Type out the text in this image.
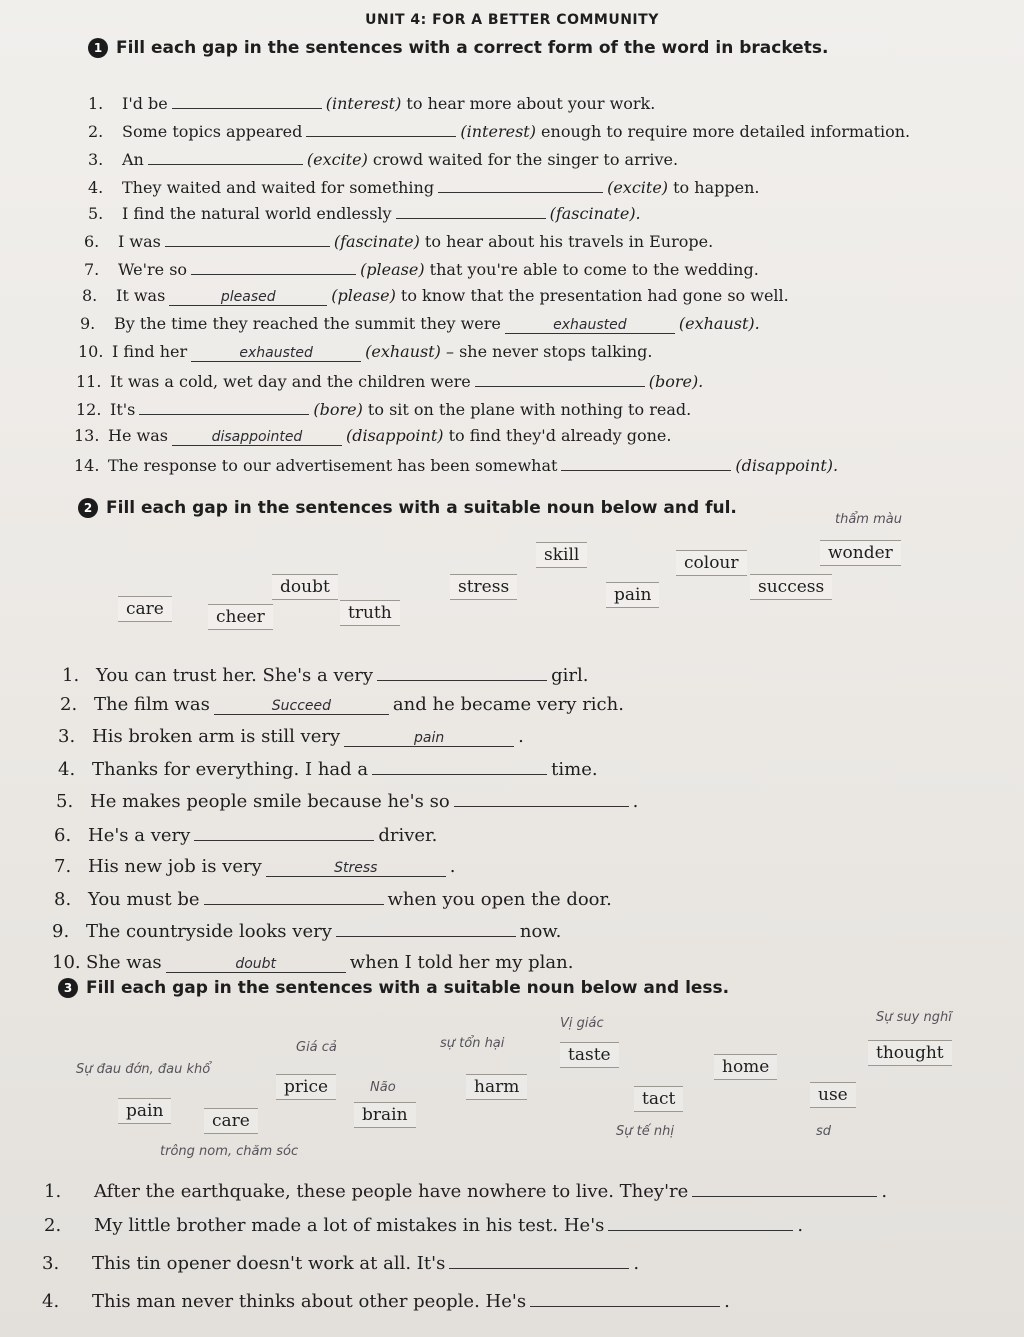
UNIT 4: FOR A BETTER COMMUNITY
1 Fill each gap in the sentences with a correct form of the word in brackets.
1.	I'd be	(interest) to hear more about your work.
2.	Some topics appeared	(interest) enough to require more detailed information.
3.	An	(excite) crowd waited for the singer to arrive.
4.	They waited and waited for something	(excite) to happen.
5.	I find the natural world endlessly	(fascinate).
6.	I was	(fascinate) to hear about his travels in Europe.
7.	We're so	(please) that you're able to come to the wedding.
8.	It was	pleased	(please) to know that the presentation had gone so well.
9.	By the time they reached the summit they were	exhausted	(exhaust).
10. I find her	exhausted	(exhaust) – she never stops talking.
11. It was a cold, wet day and the children were	(bore).
12. It's	(bore) to sit on the plane with nothing to read.
13. He was	disappointed	(disappoint) to find they'd already gone.
14. The response to our advertisement has been somewhat	(disappoint).
2 Fill each gap in the sentences with a suitable noun below and ful.
thẩm màu
care	cheer
doubt
truth
stress
skill
pain
colour
success
wonder
1. You can trust her. She's a very	girl.
2. The film was	Succeed	and he became very rich.
3. His broken arm is still very	pain	.
4. Thanks for everything. I had a	time.
5. He makes people smile because he's so	.
6. He's a very	driver.
7. His new job is very	Stress	.
8. You must be	when you open the door.
9. The countryside looks very	now.
10. She was	doubt	when I told her my plan.
3 Fill each gap in the sentences with a suitable noun below and less.
pain	care
price
brain
harm
taste
tact
home
use
thought
Sự đau đớn, đau khổ
Giá cả
Não
sự tổn hại
Vị giác	Sự suy nghĩ
Sự tế nhị	sd
trông nom, chăm sóc
1.	After the earthquake, these people have nowhere to live. They're	.
2.	My little brother made a lot of mistakes in his test. He's	.
3.	This tin opener doesn't work at all. It's	.
4.	This man never thinks about other people. He's	.
